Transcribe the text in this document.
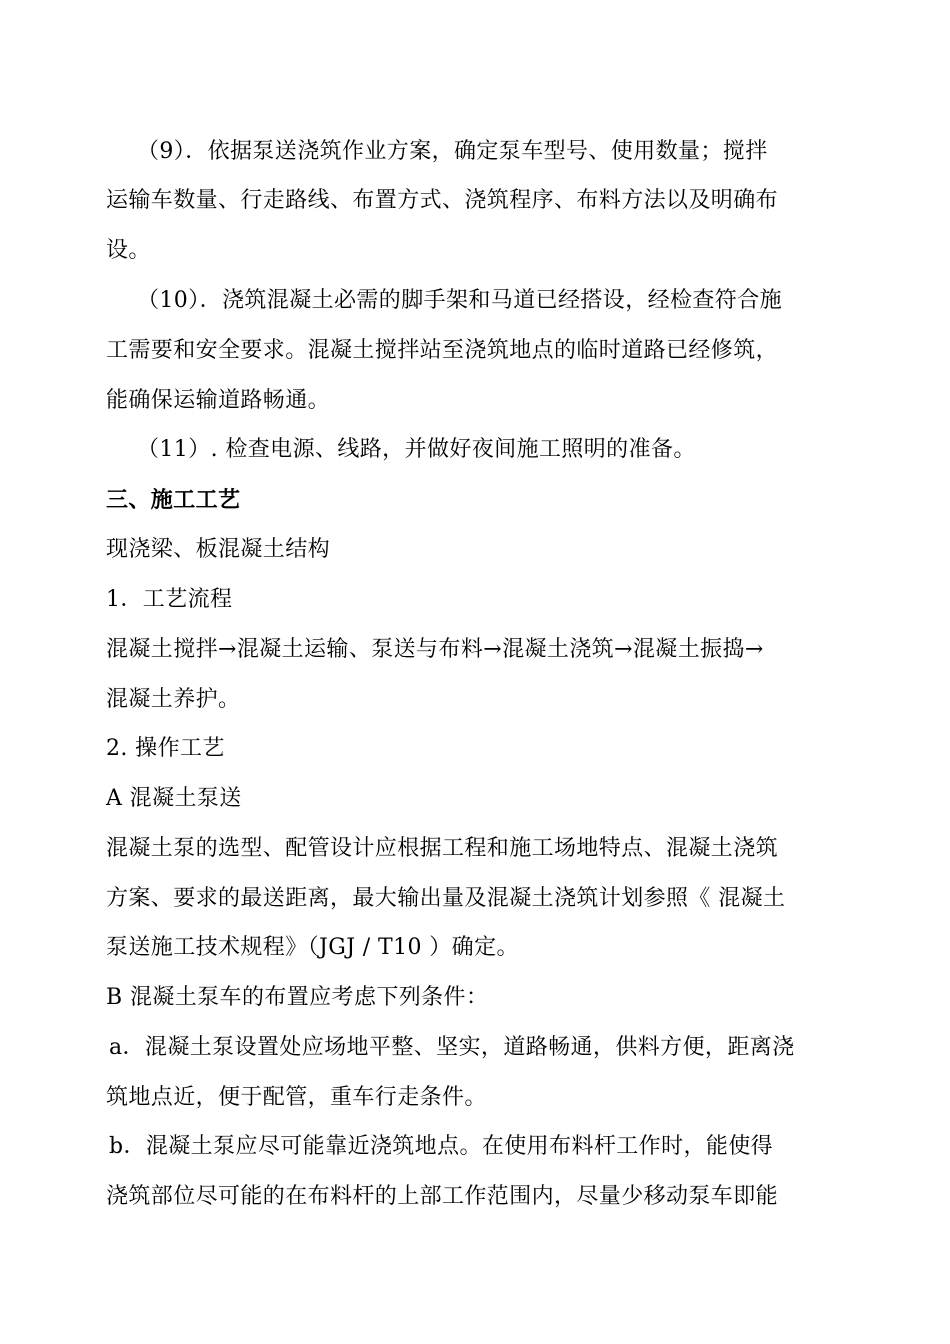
（9）．依据泵送浇筑作业方案，确定泵车型号、使用数量；搅拌
运输车数量、行走路线、布置方式、浇筑程序、布料方法以及明确布
设。
（10）．浇筑混凝土必需的脚手架和马道已经搭设，经检查符合施
工需要和安全要求。混凝土搅拌站至浇筑地点的临时道路已经修筑，
能确保运输道路畅通。
（11）. 检查电源、线路，并做好夜间施工照明的准备。
三、施工工艺
现浇梁、板混凝土结构
1．工艺流程
混凝土搅拌→混凝土运输、泵送与布料→混凝土浇筑→混凝土振捣→
混凝土养护。
2. 操作工艺
A 混凝土泵送
混凝土泵的选型、配管设计应根据工程和施工场地特点、混凝土浇筑
方案、要求的最送距离，最大输出量及混凝土浇筑计划参照《 混凝土
泵送施工技术规程》（JGJ / T10 ）确定。
B 混凝土泵车的布置应考虑下列条件：
a．混凝土泵设置处应场地平整、坚实，道路畅通，供料方便，距离浇
筑地点近，便于配管，重车行走条件。
b．混凝土泵应尽可能靠近浇筑地点。在使用布料杆工作时，能使得
浇筑部位尽可能的在布料杆的上部工作范围内，尽量少移动泵车即能
